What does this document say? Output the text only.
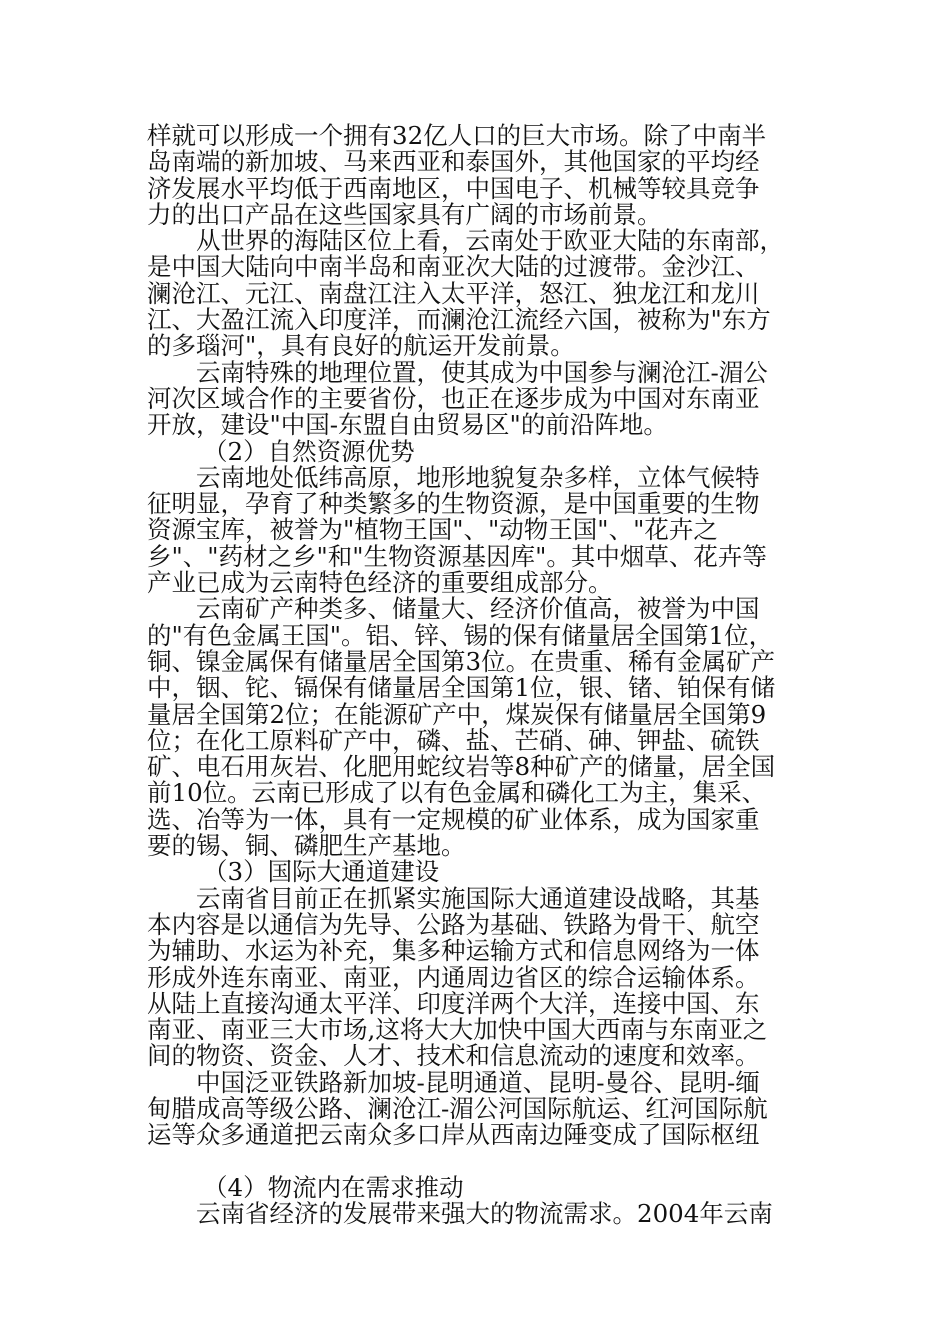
样就可以形成一个拥有32亿人口的巨大市场。除了中南半
岛南端的新加坡、马来西亚和泰国外，其他国家的平均经
济发展水平均低于西南地区，中国电子、机械等较具竞争
力的出口产品在这些国家具有广阔的市场前景。
从世界的海陆区位上看，云南处于欧亚大陆的东南部，
是中国大陆向中南半岛和南亚次大陆的过渡带。金沙江、
澜沧江、元江、南盘江注入太平洋，怒江、独龙江和龙川
江、大盈江流入印度洋，而澜沧江流经六国，被称为"东方
的多瑙河"，具有良好的航运开发前景。
云南特殊的地理位置，使其成为中国参与澜沧江-湄公
河次区域合作的主要省份，也正在逐步成为中国对东南亚
开放，建设"中国-东盟自由贸易区"的前沿阵地。
（2）自然资源优势
云南地处低纬高原，地形地貌复杂多样，立体气候特
征明显，孕育了种类繁多的生物资源，是中国重要的生物
资源宝库，被誉为"植物王国"、"动物王国"、"花卉之
乡"、"药材之乡"和"生物资源基因库"。其中烟草、花卉等
产业已成为云南特色经济的重要组成部分。
云南矿产种类多、储量大、经济价值高，被誉为中国
的"有色金属王国"。铝、锌、锡的保有储量居全国第1位，
铜、镍金属保有储量居全国第3位。在贵重、稀有金属矿产
中，铟、铊、镉保有储量居全国第1位，银、锗、铂保有储
量居全国第2位；在能源矿产中，煤炭保有储量居全国第9
位；在化工原料矿产中，磷、盐、芒硝、砷、钾盐、硫铁
矿、电石用灰岩、化肥用蛇纹岩等8种矿产的储量，居全国
前10位。云南已形成了以有色金属和磷化工为主，集采、
选、冶等为一体，具有一定规模的矿业体系，成为国家重
要的锡、铜、磷肥生产基地。
（3）国际大通道建设
云南省目前正在抓紧实施国际大通道建设战略，其基
本内容是以通信为先导、公路为基础、铁路为骨干、航空
为辅助、水运为补充，集多种运输方式和信息网络为一体
形成外连东南亚、南亚，内通周边省区的综合运输体系。
从陆上直接沟通太平洋、印度洋两个大洋，连接中国、东
南亚、南亚三大市场,这将大大加快中国大西南与东南亚之
间的物资、资金、人才、技术和信息流动的速度和效率。
中国泛亚铁路新加坡-昆明通道、昆明-曼谷、昆明-缅
甸腊成高等级公路、澜沧江-湄公河国际航运、红河国际航
运等众多通道把云南众多口岸从西南边陲变成了国际枢纽
（4）物流内在需求推动
云南省经济的发展带来强大的物流需求。2004年云南
